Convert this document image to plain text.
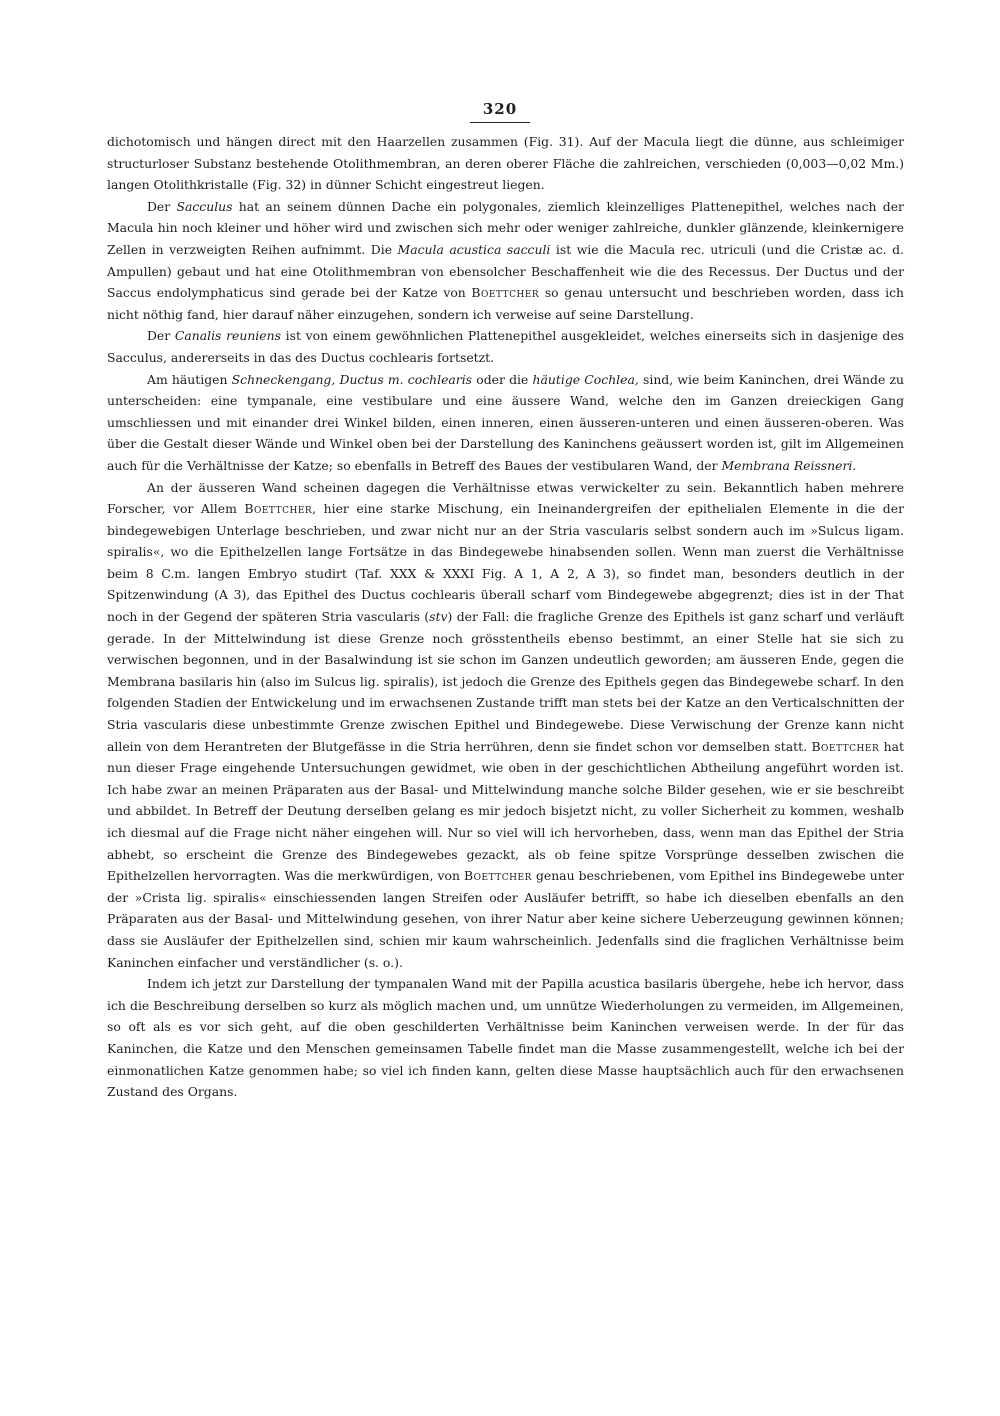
320

dichotomisch und hängen direct mit den Haarzellen zusammen (Fig. 31). Auf der Macula liegt die dünne, aus schleimiger structurloser Substanz bestehende Otolithmembran, an deren oberer Fläche die zahlreichen, verschieden (0,003—0,02 Mm.) langen Otolithkristalle (Fig. 32) in dünner Schicht eingestreut liegen.

Der Sacculus hat an seinem dünnen Dache ein polygonales, ziemlich kleinzelliges Plattenepithel, welches nach der Macula hin noch kleiner und höher wird und zwischen sich mehr oder weniger zahlreiche, dunkler glänzende, kleinkernigere Zellen in verzweigten Reihen aufnimmt. Die Macula acustica sacculi ist wie die Macula rec. utriculi (und die Cristæ ac. d. Ampullen) gebaut und hat eine Otolithmembran von ebensolcher Beschaffenheit wie die des Recessus. Der Ductus und der Saccus endolymphaticus sind gerade bei der Katze von Boettcher so genau untersucht und beschrieben worden, dass ich nicht nöthig fand, hier darauf näher einzugehen, sondern ich verweise auf seine Darstellung.

Der Canalis reuniens ist von einem gewöhnlichen Plattenepithel ausgekleidet, welches einerseits sich in dasjenige des Sacculus, andererseits in das des Ductus cochlearis fortsetzt.

Am häutigen Schneckengang, Ductus m. cochlearis oder die häutige Cochlea, sind, wie beim Kaninchen, drei Wände zu unterscheiden: eine tympanale, eine vestibulare und eine äussere Wand, welche den im Ganzen dreieckigen Gang umschliessen und mit einander drei Winkel bilden, einen inneren, einen äusseren-unteren und einen äusseren-oberen. Was über die Gestalt dieser Wände und Winkel oben bei der Darstellung des Kaninchens geäussert worden ist, gilt im Allgemeinen auch für die Verhältnisse der Katze; so ebenfalls in Betreff des Baues der vestibularen Wand, der Membrana Reissneri.

An der äusseren Wand scheinen dagegen die Verhältnisse etwas verwickelter zu sein. Bekanntlich haben mehrere Forscher, vor Allem Boettcher, hier eine starke Mischung, ein Ineinandergreifen der epithelialen Elemente in die der bindegewebigen Unterlage beschrieben, und zwar nicht nur an der Stria vascularis selbst sondern auch im »Sulcus ligam. spiralis«, wo die Epithelzellen lange Fortsätze in das Bindegewebe hinabsenden sollen. Wenn man zuerst die Verhältnisse beim 8 C.m. langen Embryo studirt (Taf. XXX & XXXI Fig. A 1, A 2, A 3), so findet man, besonders deutlich in der Spitzenwindung (A 3), das Epithel des Ductus cochlearis überall scharf vom Bindegewebe abgegrenzt; dies ist in der That noch in der Gegend der späteren Stria vascularis (stv) der Fall: die fragliche Grenze des Epithels ist ganz scharf und verläuft gerade. In der Mittelwindung ist diese Grenze noch grösstentheils ebenso bestimmt, an einer Stelle hat sie sich zu verwischen begonnen, und in der Basalwindung ist sie schon im Ganzen undeutlich geworden; am äusseren Ende, gegen die Membrana basilaris hin (also im Sulcus lig. spiralis), ist jedoch die Grenze des Epithels gegen das Bindegewebe scharf. In den folgenden Stadien der Entwickelung und im erwachsenen Zustande trifft man stets bei der Katze an den Verticalschnitten der Stria vascularis diese unbestimmte Grenze zwischen Epithel und Bindegewebe. Diese Verwischung der Grenze kann nicht allein von dem Herantreten der Blutgefässe in die Stria herrühren, denn sie findet schon vor demselben statt. Boettcher hat nun dieser Frage eingehende Untersuchungen gewidmet, wie oben in der geschichtlichen Abtheilung angeführt worden ist. Ich habe zwar an meinen Präparaten aus der Basal- und Mittelwindung manche solche Bilder gesehen, wie er sie beschreibt und abbildet. In Betreff der Deutung derselben gelang es mir jedoch bisjetzt nicht, zu voller Sicherheit zu kommen, weshalb ich diesmal auf die Frage nicht näher eingehen will. Nur so viel will ich hervorheben, dass, wenn man das Epithel der Stria abhebt, so erscheint die Grenze des Bindegewebes gezackt, als ob feine spitze Vorsprünge desselben zwischen die Epithelzellen hervorragten. Was die merkwürdigen, von Boettcher genau beschriebenen, vom Epithel ins Bindegewebe unter der »Crista lig. spiralis« einschiessenden langen Streifen oder Ausläufer betrifft, so habe ich dieselben ebenfalls an den Präparaten aus der Basal- und Mittelwindung gesehen, von ihrer Natur aber keine sichere Ueberzeugung gewinnen können; dass sie Ausläufer der Epithelzellen sind, schien mir kaum wahrscheinlich. Jedenfalls sind die fraglichen Verhältnisse beim Kaninchen einfacher und verständlicher (s. o.).

Indem ich jetzt zur Darstellung der tympanalen Wand mit der Papilla acustica basilaris übergehe, hebe ich hervor, dass ich die Beschreibung derselben so kurz als möglich machen und, um unnütze Wiederholungen zu vermeiden, im Allgemeinen, so oft als es vor sich geht, auf die oben geschilderten Verhältnisse beim Kaninchen verweisen werde. In der für das Kaninchen, die Katze und den Menschen gemeinsamen Tabelle findet man die Masse zusammengestellt, welche ich bei der einmonatlichen Katze genommen habe; so viel ich finden kann, gelten diese Masse hauptsächlich auch für den erwachsenen Zustand des Organs.
